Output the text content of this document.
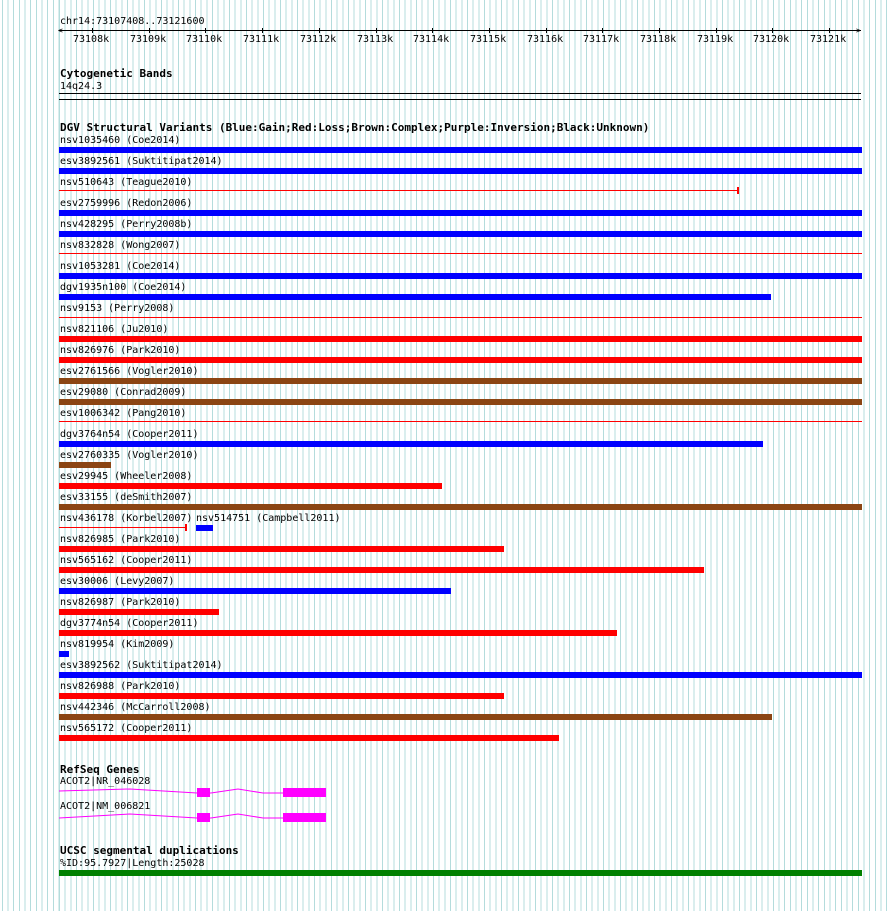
chr14:73107408..73121600
<	>
73108k 73109k 73110k 73111k 73112k 73113k 73114k 73115k 73116k 73117k 73118k 73119k 73120k 73121k
Cytogenetic Bands
14q24.3
DGV Structural Variants (Blue:Gain;Red:Loss;Brown:Complex;Purple:Inversion;Black:Unknown)
nsv1035460 (Coe2014)
esv3892561 (Suktitipat2014)
nsv510643 (Teague2010)
esv2759996 (Redon2006)
nsv428295 (Perry2008b)
nsv832828 (Wong2007)
nsv1053281 (Coe2014)
dgv1935n100 (Coe2014)
nsv9153 (Perry2008)
nsv821106 (Ju2010)
nsv826976 (Park2010)
esv2761566 (Vogler2010)
esv29080 (Conrad2009)
esv1006342 (Pang2010)
dgv3764n54 (Cooper2011)
esv2760335 (Vogler2010)
esv29945 (Wheeler2008)
esv33155 (deSmith2007)
nsv436178 (Korbel2007) nsv514751 (Campbell2011)
nsv826985 (Park2010)
nsv565162 (Cooper2011)
esv30006 (Levy2007)
nsv826987 (Park2010)
dgv3774n54 (Cooper2011)
nsv819954 (Kim2009)
esv3892562 (Suktitipat2014)
nsv826988 (Park2010)
nsv442346 (McCarroll2008)
nsv565172 (Cooper2011)
RefSeq Genes
ACOT2|NR_046028
ACOT2|NM_006821
UCSC segmental duplications
%ID:95.7927|Length:25028
